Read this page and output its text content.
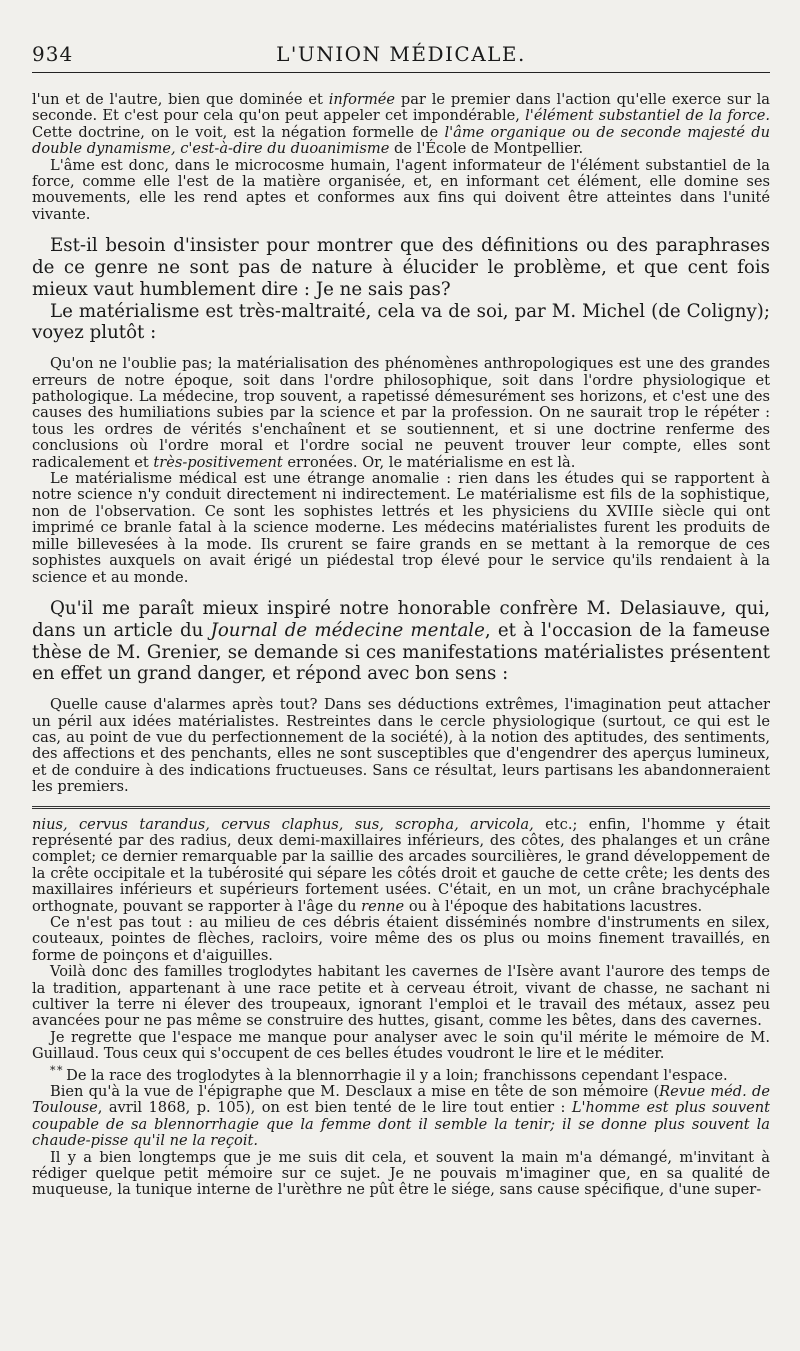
934	L'UNION MÉDICALE.

l'un et de l'autre, bien que dominée et informée par le premier dans l'action qu'elle exerce sur la seconde. Et c'est pour cela qu'on peut appeler cet impondérable, l'élément substantiel de la force. Cette doctrine, on le voit, est la négation formelle de l'âme organique ou de seconde majesté du double dynamisme, c'est-à-dire du duoanimisme de l'École de Montpellier.

L'âme est donc, dans le microcosme humain, l'agent informateur de l'élément substantiel de la force, comme elle l'est de la matière organisée, et, en informant cet élément, elle domine ses mouvements, elle les rend aptes et conformes aux fins qui doivent être atteintes dans l'unité vivante.

Est-il besoin d'insister pour montrer que des définitions ou des paraphrases de ce genre ne sont pas de nature à élucider le problème, et que cent fois mieux vaut humblement dire : Je ne sais pas?

Le matérialisme est très-maltraité, cela va de soi, par M. Michel (de Coligny); voyez plutôt :

Qu'on ne l'oublie pas; la matérialisation des phénomènes anthropologiques est une des grandes erreurs de notre époque, soit dans l'ordre philosophique, soit dans l'ordre physiologique et pathologique. La médecine, trop souvent, a rapetissé démesurément ses horizons, et c'est une des causes des humiliations subies par la science et par la profession. On ne saurait trop le répéter : tous les ordres de vérités s'enchaînent et se soutiennent, et si une doctrine renferme des conclusions où l'ordre moral et l'ordre social ne peuvent trouver leur compte, elles sont radicalement et très-positivement erronées. Or, le matérialisme en est là.

Le matérialisme médical est une étrange anomalie : rien dans les études qui se rapportent à notre science n'y conduit directement ni indirectement. Le matérialisme est fils de la sophistique, non de l'observation. Ce sont les sophistes lettrés et les physiciens du XVIIIe siècle qui ont imprimé ce branle fatal à la science moderne. Les médecins matérialistes furent les produits de mille billevesées à la mode. Ils crurent se faire grands en se mettant à la remorque de ces sophistes auxquels on avait érigé un piédestal trop élevé pour le service qu'ils rendaient à la science et au monde.

Qu'il me paraît mieux inspiré notre honorable confrère M. Delasiauve, qui, dans un article du Journal de médecine mentale, et à l'occasion de la fameuse thèse de M. Grenier, se demande si ces manifestations matérialistes présentent en effet un grand danger, et répond avec bon sens :

Quelle cause d'alarmes après tout? Dans ses déductions extrêmes, l'imagination peut attacher un péril aux idées matérialistes. Restreintes dans le cercle physiologique (surtout, ce qui est le cas, au point de vue du perfectionnement de la société), à la notion des aptitudes, des sentiments, des affections et des penchants, elles ne sont susceptibles que d'engendrer des aperçus lumineux, et de conduire à des indications fructueuses. Sans ce résultat, leurs partisans les abandonneraient les premiers.

nius, cervus tarandus, cervus claphus, sus, scropha, arvicola, etc.; enfin, l'homme y était représenté par des radius, deux demi-maxillaires inférieurs, des côtes, des phalanges et un crâne complet; ce dernier remarquable par la saillie des arcades sourcilières, le grand développement de la crête occipitale et la tubérosité qui sépare les côtés droit et gauche de cette crête; les dents des maxillaires inférieurs et supérieurs fortement usées. C'était, en un mot, un crâne brachycéphale orthognate, pouvant se rapporter à l'âge du renne ou à l'époque des habitations lacustres.

Ce n'est pas tout : au milieu de ces débris étaient disséminés nombre d'instruments en silex, couteaux, pointes de flèches, racloirs, voire même des os plus ou moins finement travaillés, en forme de poinçons et d'aiguilles.

Voilà donc des familles troglodytes habitant les cavernes de l'Isère avant l'aurore des temps de la tradition, appartenant à une race petite et à cerveau étroit, vivant de chasse, ne sachant ni cultiver la terre ni élever des troupeaux, ignorant l'emploi et le travail des métaux, assez peu avancées pour ne pas même se construire des huttes, gisant, comme les bêtes, dans des cavernes.

Je regrette que l'espace me manque pour analyser avec le soin qu'il mérite le mémoire de M. Guillaud. Tous ceux qui s'occupent de ces belles études voudront le lire et le méditer.

* * De la race des troglodytes à la blennorrhagie il y a loin; franchissons cependant l'espace.

Bien qu'à la vue de l'épigraphe que M. Desclaux a mise en tête de son mémoire (Revue méd. de Toulouse, avril 1868, p. 105), on est bien tenté de le lire tout entier : L'homme est plus souvent coupable de sa blennorrhagie que la femme dont il semble la tenir; il se donne plus souvent la chaude-pisse qu'il ne la reçoit.

Il y a bien longtemps que je me suis dit cela, et souvent la main m'a démangé, m'invitant à rédiger quelque petit mémoire sur ce sujet. Je ne pouvais m'imaginer que, en sa qualité de muqueuse, la tunique interne de l'urèthre ne pût être le siége, sans cause spécifique, d'une super-
